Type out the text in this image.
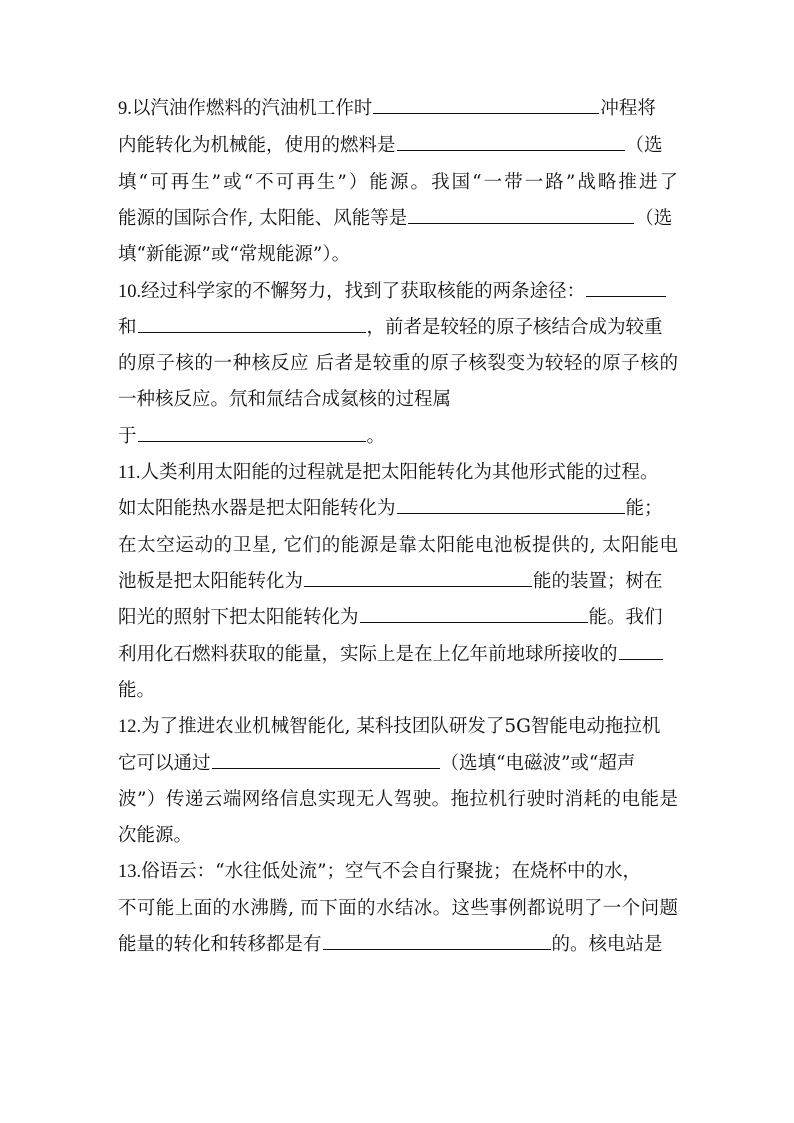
9.以汽油作燃料的汽油机工作时	冲程将
内能转化为机械能，使用的燃料是	（选
填“可再生”或“不可再生”）能源。我国“一带一路”战略推进了
能源的国际合作, 太阳能、风能等是	（选
填“新能源”或“常规能源”）。
10.经过科学家的不懈努力，找到了获取核能的两条途径：
和	，前者是较轻的原子核结合成为较重
的原子核的一种核反应 后者是较重的原子核裂变为较轻的原子核的
一种核反应。氘和氚结合成氦核的过程属
于	。
11.人类利用太阳能的过程就是把太阳能转化为其他形式能的过程。
如太阳能热水器是把太阳能转化为	能；
在太空运动的卫星, 它们的能源是靠太阳能电池板提供的, 太阳能电
池板是把太阳能转化为	能的装置；树在
阳光的照射下把太阳能转化为	能。我们
利用化石燃料获取的能量，实际上是在上亿年前地球所接收的
能。
12.为了推进农业机械智能化, 某科技团队研发了5G智能电动拖拉机
它可以通过	（选填“电磁波”或“超声
波”）传递云端网络信息实现无人驾驶。拖拉机行驶时消耗的电能是
次能源。
13.俗语云：“水往低处流”；空气不会自行聚拢；在烧杯中的水，
不可能上面的水沸腾, 而下面的水结冰。这些事例都说明了一个问题
能量的转化和转移都是有	的。核电站是
